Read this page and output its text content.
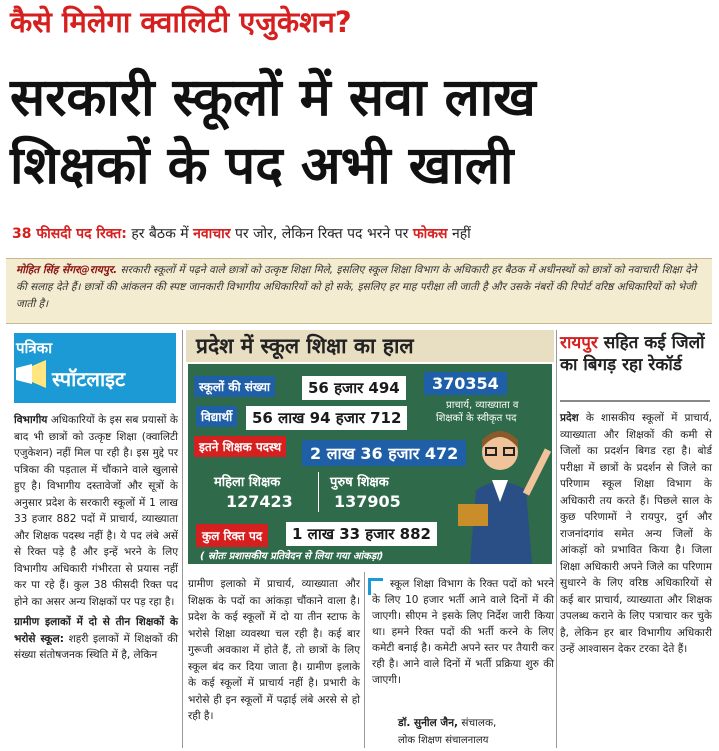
कैसे मिलेगा क्वालिटी एजुकेशन?
सरकारी स्कूलों में सवा लाख
शिक्षकों के पद अभी खाली
38 फीसदी पद रिक्त: हर बैठक में नवाचार पर जोर, लेकिन रिक्त पद भरने पर फोकस नहीं
मोहित सिंह सेंगर@रायपुर. सरकारी स्कूलों में पढ़ने वाले छात्रों को उत्कृष्ट शिक्षा मिले, इसलिए स्कूल शिक्षा विभाग के अधिकारी हर बैठक में अधीनस्थों को छात्रों को नवाचारी शिक्षा देने की सलाह देते हैं। छात्रों की आंकलन की स्पष्ट जानकारी विभागीय अधिकारियों को हो सके, इसलिए हर माह परीक्षा ली जाती है और उसके नंबरों की रिपोर्ट वरिष्ठ अधिकारियों को भेजी जाती है।
पत्रिका
स्पॉटलाइट

विभागीय अधिकारियों के इस सब प्रयासों के बाद भी छात्रों को उत्कृष्ट शिक्षा (क्वालिटी एजुकेशन) नहीं मिल पा रही है। इस मुद्दे पर पत्रिका की पड़ताल में चौंकाने वाले खुलासे हुए है। विभागीय दस्तावेजों और सूत्रों के अनुसार प्रदेश के सरकारी स्कूलों में 1 लाख 33 हजार 882 पदों में प्राचार्य, व्याख्याता और शिक्षक पदस्थ नहीं है। ये पद लंबे असें से रिक्त पड़े है और इन्हें भरने के लिए विभागीय अधिकारी गंभीरता से प्रयास नहीं कर पा रहे हैं। कुल 38 फीसदी रिक्त पद होने का असर अन्य शिक्षकों पर पड़ रहा है।

ग्रामीण इलाकों में दो से तीन शिक्षकों के भरोसे स्कूल: शहरी इलाकों में शिक्षकों की संख्या संतोषजनक स्थिति में है, लेकिन

प्रदेश में स्कूल शिक्षा का हाल
स्कूलों की संख्या	56 हजार 494	370354
प्राचार्य, व्याख्याता व
शिक्षकों के स्वीकृत पद
विद्यार्थी	56 लाख 94 हजार 712
इतने शिक्षक पदस्थ	2 लाख 36 हजार 472
महिला शिक्षक
127423
पुरुष शिक्षक
137905
कुल रिक्त पद	1 लाख 33 हजार 882
( स्रोतः प्रशासकीय प्रतिवेदन से लिया गया आंकड़ा)

ग्रामीण इलाको में प्राचार्य, व्याख्याता और शिक्षक के पदों का आंकड़ा चौंकाने वाला है। प्रदेश के कई स्कूलों में दो या तीन स्टाफ के भरोसे शिक्षा व्यवस्था चल रही है। कई बार गुरूजी अवकाश में होते हैं, तो छात्रों के लिए स्कूल बंद कर दिया जाता है। ग्रामीण इलाके के कई स्कूलों में प्राचार्य नहीं है। प्रभारी के भरोसे ही इन स्कूलों में पढ़ाई लंबे अरसे से हो रही है।

स्कूल शिक्षा विभाग के रिक्त पदों को भरने के लिए 10 हजार भर्ती आने वाले दिनों में की जाएगी। सीएम ने इसके लिए निर्देश जारी किया था। हमने रिक्त पदों की भर्ती करने के लिए कमेटी बनाई है। कमेटी अपने स्तर पर तैयारी कर रही है। आने वाले दिनों में भर्ती प्रक्रिया शुरु की जाएगी।
डॉ. सुनील जैन, संचालक,
लोक शिक्षण संचालनालय
रायपुर सहित कई जिलों का बिगड़ रहा रेकॉर्ड

प्रदेश के शासकीय स्कूलों में प्राचार्य, व्याख्याता और शिक्षकों की कमी से जिलों का प्रदर्शन बिगड रहा है। बोर्ड परीक्षा में छात्रों के प्रदर्शन से जिले का परिणाम स्कूल शिक्षा विभाग के अधिकारी तय करते हैं। पिछले साल के कुछ परिणामों ने रायपुर, दुर्ग और राजनांदगांव समेत अन्य जिलों के आंकड़ों को प्रभावित किया है। जिला शिक्षा अधिकारी अपने जिले का परिणाम सुधारने के लिए वरिष्ठ अधिकारियों से कई बार प्राचार्य, व्याख्याता और शिक्षक उपलब्ध कराने के लिए पत्राचार कर चुके है, लेकिन हर बार विभागीय अधिकारी उन्हें आश्वासन देकर टरका देते हैं।
